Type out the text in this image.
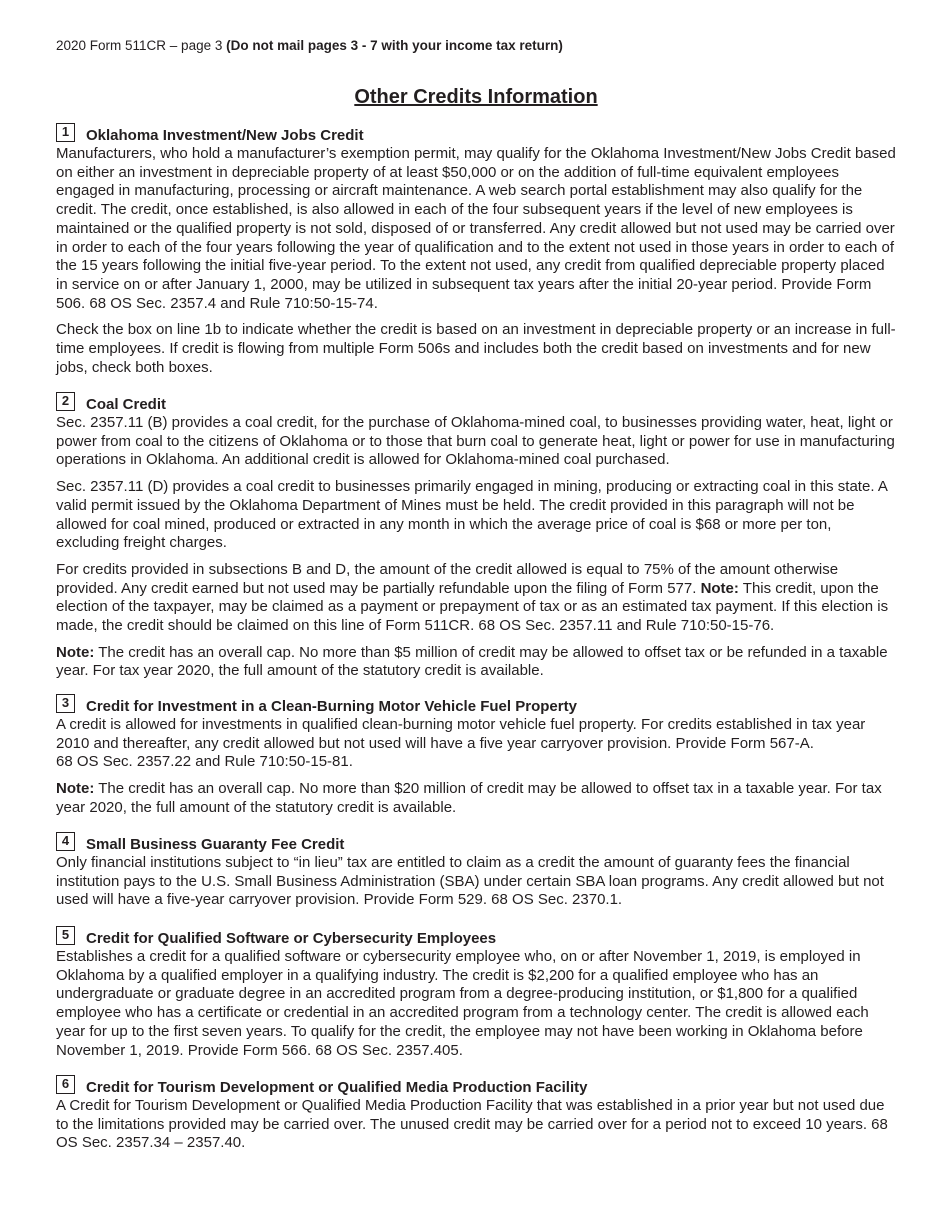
2020 Form 511CR – page 3 (Do not mail pages 3 - 7 with your income tax return)
Other Credits Information
1	Oklahoma Investment/New Jobs Credit

Manufacturers, who hold a manufacturer’s exemption permit, may qualify for the Oklahoma Investment/New Jobs Credit based on either an investment in depreciable property of at least $50,000 or on the addition of full-time equivalent employees engaged in manufacturing, processing or aircraft maintenance. A web search portal establishment may also qualify for the credit. The credit, once established, is also allowed in each of the four subsequent years if the level of new employees is maintained or the qualified property is not sold, disposed of or transferred. Any credit allowed but not used may be carried over in order to each of the four years following the year of qualification and to the extent not used in those years in order to each of the 15 years following the initial five-year period. To the extent not used, any credit from qualified depreciable property placed in service on or after January 1, 2000, may be utilized in subsequent tax years after the initial 20-year period. Provide Form 506. 68 OS Sec. 2357.4 and Rule 710:50-15-74.

Check the box on line 1b to indicate whether the credit is based on an investment in depreciable property or an increase in full-time employees. If credit is flowing from multiple Form 506s and includes both the credit based on investments and for new jobs, check both boxes.

2	Coal Credit

Sec. 2357.11 (B) provides a coal credit, for the purchase of Oklahoma-mined coal, to businesses providing water, heat, light or power from coal to the citizens of Oklahoma or to those that burn coal to generate heat, light or power for use in manufacturing operations in Oklahoma. An additional credit is allowed for Oklahoma-mined coal purchased.

Sec. 2357.11 (D) provides a coal credit to businesses primarily engaged in mining, producing or extracting coal in this state. A valid permit issued by the Oklahoma Department of Mines must be held. The credit provided in this paragraph will not be allowed for coal mined, produced or extracted in any month in which the average price of coal is $68 or more per ton, excluding freight charges.

For credits provided in subsections B and D, the amount of the credit allowed is equal to 75% of the amount otherwise provided. Any credit earned but not used may be partially refundable upon the filing of Form 577. Note: This credit, upon the election of the taxpayer, may be claimed as a payment or prepayment of tax or as an estimated tax payment. If this election is made, the credit should be claimed on this line of Form 511CR. 68 OS Sec. 2357.11 and Rule 710:50-15-76.

Note: The credit has an overall cap. No more than $5 million of credit may be allowed to offset tax or be refunded in a taxable year. For tax year 2020, the full amount of the statutory credit is available.

3	Credit for Investment in a Clean-Burning Motor Vehicle Fuel Property

A credit is allowed for investments in qualified clean-burning motor vehicle fuel property. For credits established in tax year 2010 and thereafter, any credit allowed but not used will have a five year carryover provision. Provide Form 567-A.
68 OS Sec. 2357.22 and Rule 710:50-15-81.

Note: The credit has an overall cap. No more than $20 million of credit may be allowed to offset tax in a taxable year. For tax year 2020, the full amount of the statutory credit is available.

4	Small Business Guaranty Fee Credit

Only financial institutions subject to “in lieu” tax are entitled to claim as a credit the amount of guaranty fees the financial institution pays to the U.S. Small Business Administration (SBA) under certain SBA loan programs. Any credit allowed but not used will have a five-year carryover provision. Provide Form 529. 68 OS Sec. 2370.1.

5	Credit for Qualified Software or Cybersecurity Employees

Establishes a credit for a qualified software or cybersecurity employee who, on or after November 1, 2019, is employed in Oklahoma by a qualified employer in a qualifying industry. The credit is $2,200 for a qualified employee who has an undergraduate or graduate degree in an accredited program from a degree-producing institution, or $1,800 for a qualified employee who has a certificate or credential in an accredited program from a technology center. The credit is allowed each year for up to the first seven years. To qualify for the credit, the employee may not have been working in Oklahoma before November 1, 2019. Provide Form 566. 68 OS Sec. 2357.405.

6	Credit for Tourism Development or Qualified Media Production Facility

A Credit for Tourism Development or Qualified Media Production Facility that was established in a prior year but not used due to the limitations provided may be carried over. The unused credit may be carried over for a period not to exceed 10 years. 68 OS Sec. 2357.34 – 2357.40.
